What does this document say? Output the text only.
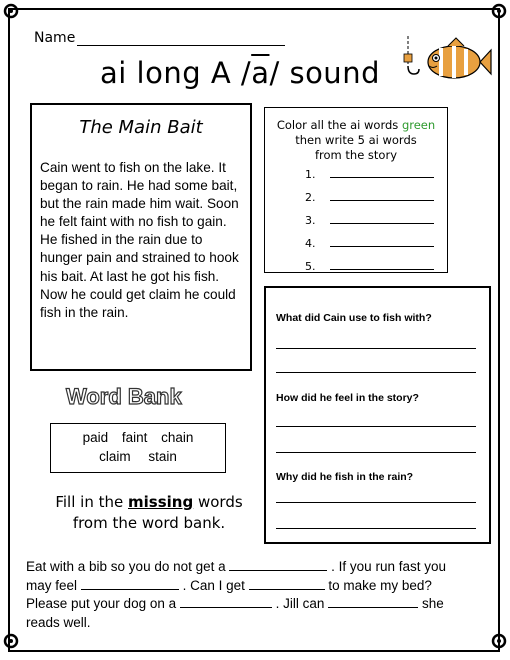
Name
ai long A $/\overline{a}/$ sound
The Main Bait
Cain went to fish on the lake. It began to rain. He had some bait, but the rain made him wait. Soon he felt faint with no fish to gain. He fished in the rain due to hunger pain and strained to hook his bait. At last he got his fish. Now he could get claim he could fish in the rain.
Word Bank
paid faint chain
claim stain
Fill in the missing words
from the word bank.
Color all the ai words green
then write 5 ai words
from the story
1.
2.
3.
4.
5.
What did Cain use to fish with?
How did he feel in the story?
Why did he fish in the rain?
Eat with a bib so you do not get a	. If you run fast you may feel	. Can I get	to make my bed? Please put your dog on a	. Jill can	she reads well.
